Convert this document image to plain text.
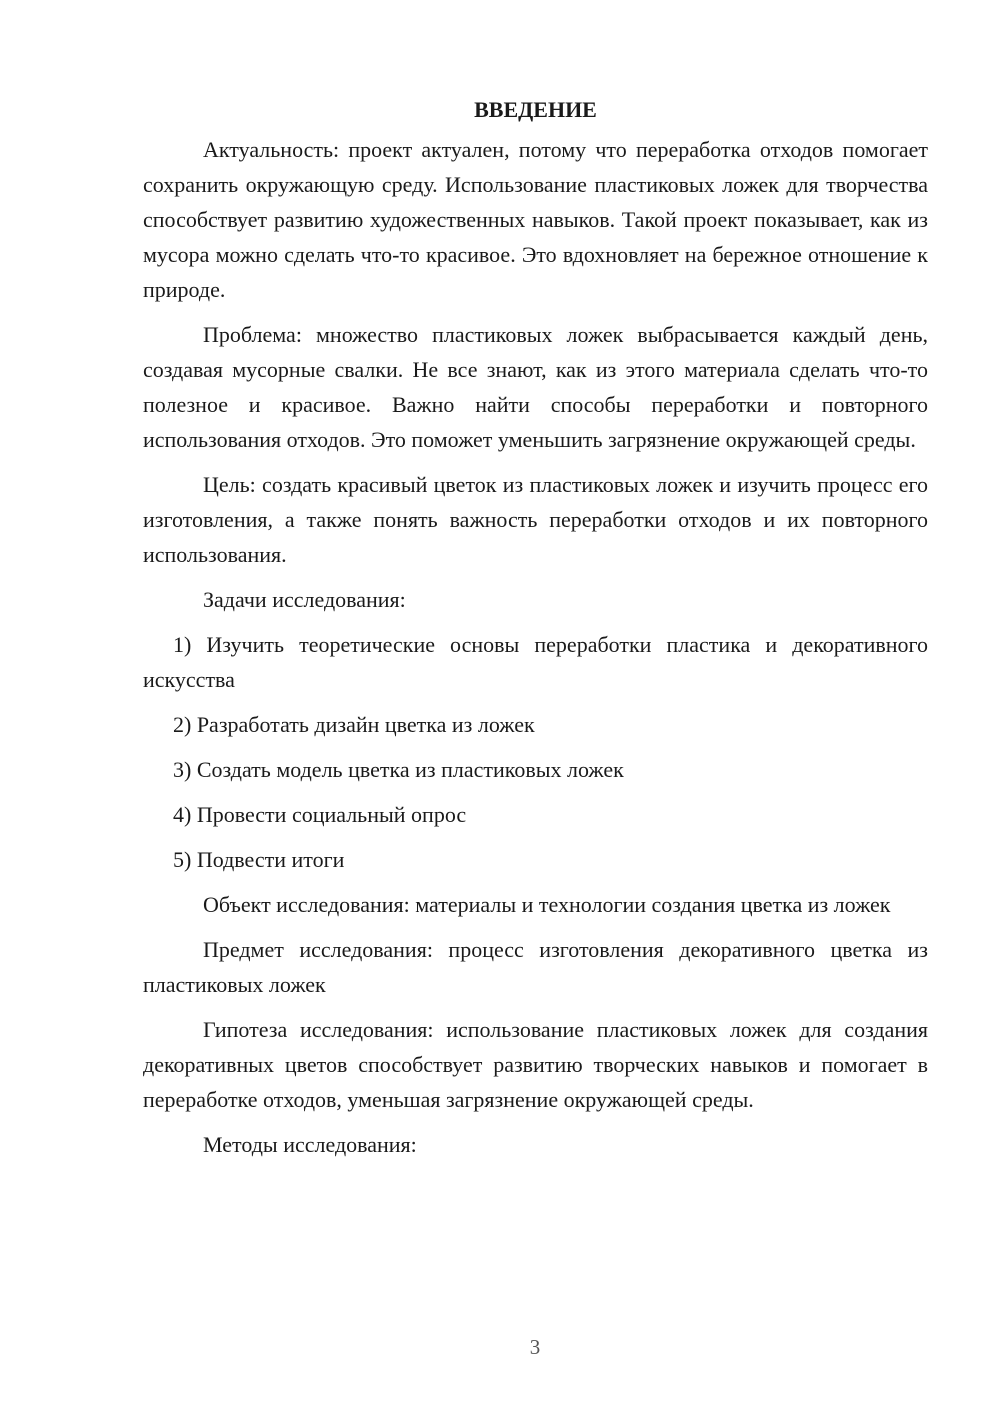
ВВЕДЕНИЕ

Актуальность: проект актуален, потому что переработка отходов помогает сохранить окружающую среду. Использование пластиковых ложек для творчества способствует развитию художественных навыков. Такой проект показывает, как из мусора можно сделать что-то красивое. Это вдохновляет на бережное отношение к природе.

Проблема: множество пластиковых ложек выбрасывается каждый день, создавая мусорные свалки. Не все знают, как из этого материала сделать что-то полезное и красивое. Важно найти способы переработки и повторного использования отходов. Это поможет уменьшить загрязнение окружающей среды.

Цель: создать красивый цветок из пластиковых ложек и изучить процесс его изготовления, а также понять важность переработки отходов и их повторного использования.

Задачи исследования:

1) Изучить теоретические основы переработки пластика и декоративного искусства

2) Разработать дизайн цветка из ложек

3) Создать модель цветка из пластиковых ложек

4) Провести социальный опрос

5) Подвести итоги

Объект исследования: материалы и технологии создания цветка из ложек

Предмет исследования: процесс изготовления декоративного цветка из пластиковых ложек

Гипотеза исследования: использование пластиковых ложек для создания декоративных цветов способствует развитию творческих навыков и помогает в переработке отходов, уменьшая загрязнение окружающей среды.

Методы исследования:

3
